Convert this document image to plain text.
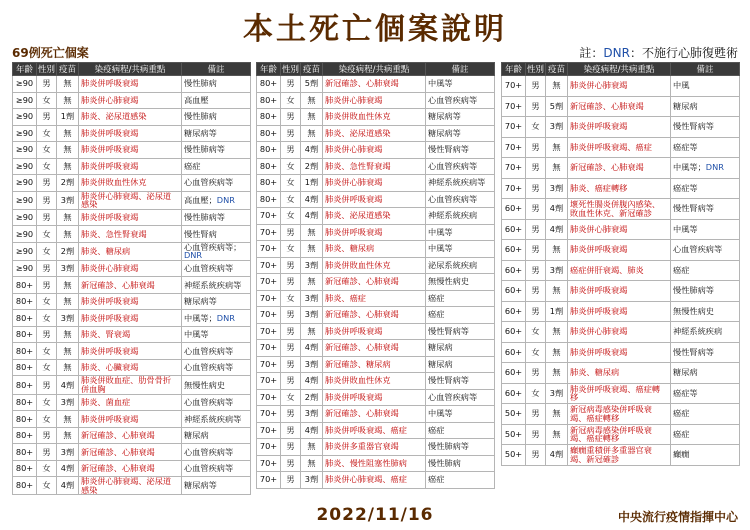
本土死亡個案說明
69例死亡個案	註：DNR：不施行心肺復甦術
年齡	性別	疫苗	染疫病程/共病重點	備註
≥90	男	無	肺炎併呼吸衰竭	慢性肺病
≥90	女	無	肺炎併心肺衰竭	高血壓
≥90	男	1劑	肺炎、泌尿道感染	慢性肺病
≥90	女	無	肺炎併呼吸衰竭	糖尿病等
≥90	女	無	肺炎併呼吸衰竭	慢性肺病等
≥90	女	無	肺炎併呼吸衰竭	癌症
≥90	男	2劑	肺炎併敗血性休克	心血管疾病等
≥90	男	3劑	肺炎併心肺衰竭、泌尿道感染	高血壓；DNR
≥90	男	無	肺炎併呼吸衰竭	慢性肺病等
≥90	女	無	肺炎、急性腎衰竭	慢性腎病
≥90	女	2劑	肺炎、糖尿病	心血管疾病等；DNR
≥90	男	3劑	肺炎併心肺衰竭	心血管疾病等
80+	男	無	新冠確診、心肺衰竭	神經系統疾病等
80+	女	無	肺炎併呼吸衰竭	糖尿病等
80+	女	3劑	肺炎併呼吸衰竭	中風等；DNR
80+	男	無	肺炎、腎衰竭	中風等
80+	女	無	肺炎併呼吸衰竭	心血管疾病等
80+	女	無	肺炎、心臟衰竭	心血管疾病等
80+	男	4劑	肺炎併敗血症、肋骨骨折併血胸	無慢性病史
80+	女	3劑	肺炎、菌血症	心血管疾病等
80+	女	無	肺炎併呼吸衰竭	神經系統疾病等
80+	男	無	新冠確診、心肺衰竭	糖尿病
80+	男	3劑	新冠確診、心肺衰竭	心血管疾病等
80+	女	4劑	新冠確診、心肺衰竭	心血管疾病等
80+	女	4劑	肺炎併心肺衰竭、泌尿道感染	糖尿病等
年齡	性別	疫苗	染疫病程/共病重點	備註
80+	男	5劑	新冠確診、心肺衰竭	中風等
80+	女	無	肺炎併心肺衰竭	心血管疾病等
80+	男	無	肺炎併敗血性休克	糖尿病等
80+	男	無	肺炎、泌尿道感染	糖尿病等
80+	男	4劑	肺炎併心肺衰竭	慢性腎病等
80+	女	2劑	肺炎、急性腎衰竭	心血管疾病等
80+	女	1劑	肺炎併心肺衰竭	神經系統疾病等
80+	女	4劑	肺炎併呼吸衰竭	心血管疾病等
70+	女	4劑	肺炎、泌尿道感染	神經系統疾病
70+	男	無	肺炎併呼吸衰竭	中風等
70+	女	無	肺炎、糖尿病	中風等
70+	男	3劑	肺炎併敗血性休克	泌尿系統疾病
70+	男	無	新冠確診、心肺衰竭	無慢性病史
70+	女	3劑	肺炎、癌症	癌症
70+	男	3劑	新冠確診、心肺衰竭	癌症
70+	男	無	肺炎併呼吸衰竭	慢性腎病等
70+	男	4劑	新冠確診、心肺衰竭	糖尿病
70+	男	3劑	新冠確診、糖尿病	糖尿病
70+	男	4劑	肺炎併敗血性休克	慢性腎病等
70+	女	2劑	肺炎併呼吸衰竭	心血管疾病等
70+	男	3劑	新冠確診、心肺衰竭	中風等
70+	男	4劑	肺炎併呼吸衰竭、癌症	癌症
70+	男	無	肺炎併多重器官衰竭	慢性肺病等
70+	男	無	肺炎、慢性阻塞性肺病	慢性肺病
70+	男	3劑	肺炎併心肺衰竭、癌症	癌症
年齡	性別	疫苗	染疫病程/共病重點	備註
70+	男	無	肺炎併心肺衰竭	中風
70+	男	5劑	新冠確診、心肺衰竭	糖尿病
70+	女	3劑	肺炎併呼吸衰竭	慢性腎病等
70+	男	無	肺炎併呼吸衰竭、癌症	癌症等
70+	男	無	新冠確診、心肺衰竭	中風等；DNR
70+	男	3劑	肺炎、癌症轉移	癌症等
60+	男	4劑	壞死性腸炎併腹內感染、敗血性休克、新冠確診	慢性腎病等
60+	男	4劑	肺炎併心肺衰竭	中風等
60+	男	無	肺炎併呼吸衰竭	心血管疾病等
60+	男	3劑	癌症併肝衰竭、肺炎	癌症
60+	男	無	肺炎併呼吸衰竭	慢性肺病等
60+	男	1劑	肺炎併呼吸衰竭	無慢性病史
60+	女	無	肺炎併心肺衰竭	神經系統疾病
60+	女	無	肺炎併呼吸衰竭	慢性腎病等
60+	男	無	肺炎、糖尿病	糖尿病
60+	女	3劑	肺炎併呼吸衰竭、癌症轉移	癌症等
50+	男	無	新冠病毒感染併呼吸衰竭、癌症轉移	癌症
50+	男	無	新冠病毒感染併呼吸衰竭、癌症轉移	癌症
50+	男	4劑	癲癇重積併多重器官衰竭、新冠確診	癲癇
2022/11/16	中央流行疫情指揮中心
